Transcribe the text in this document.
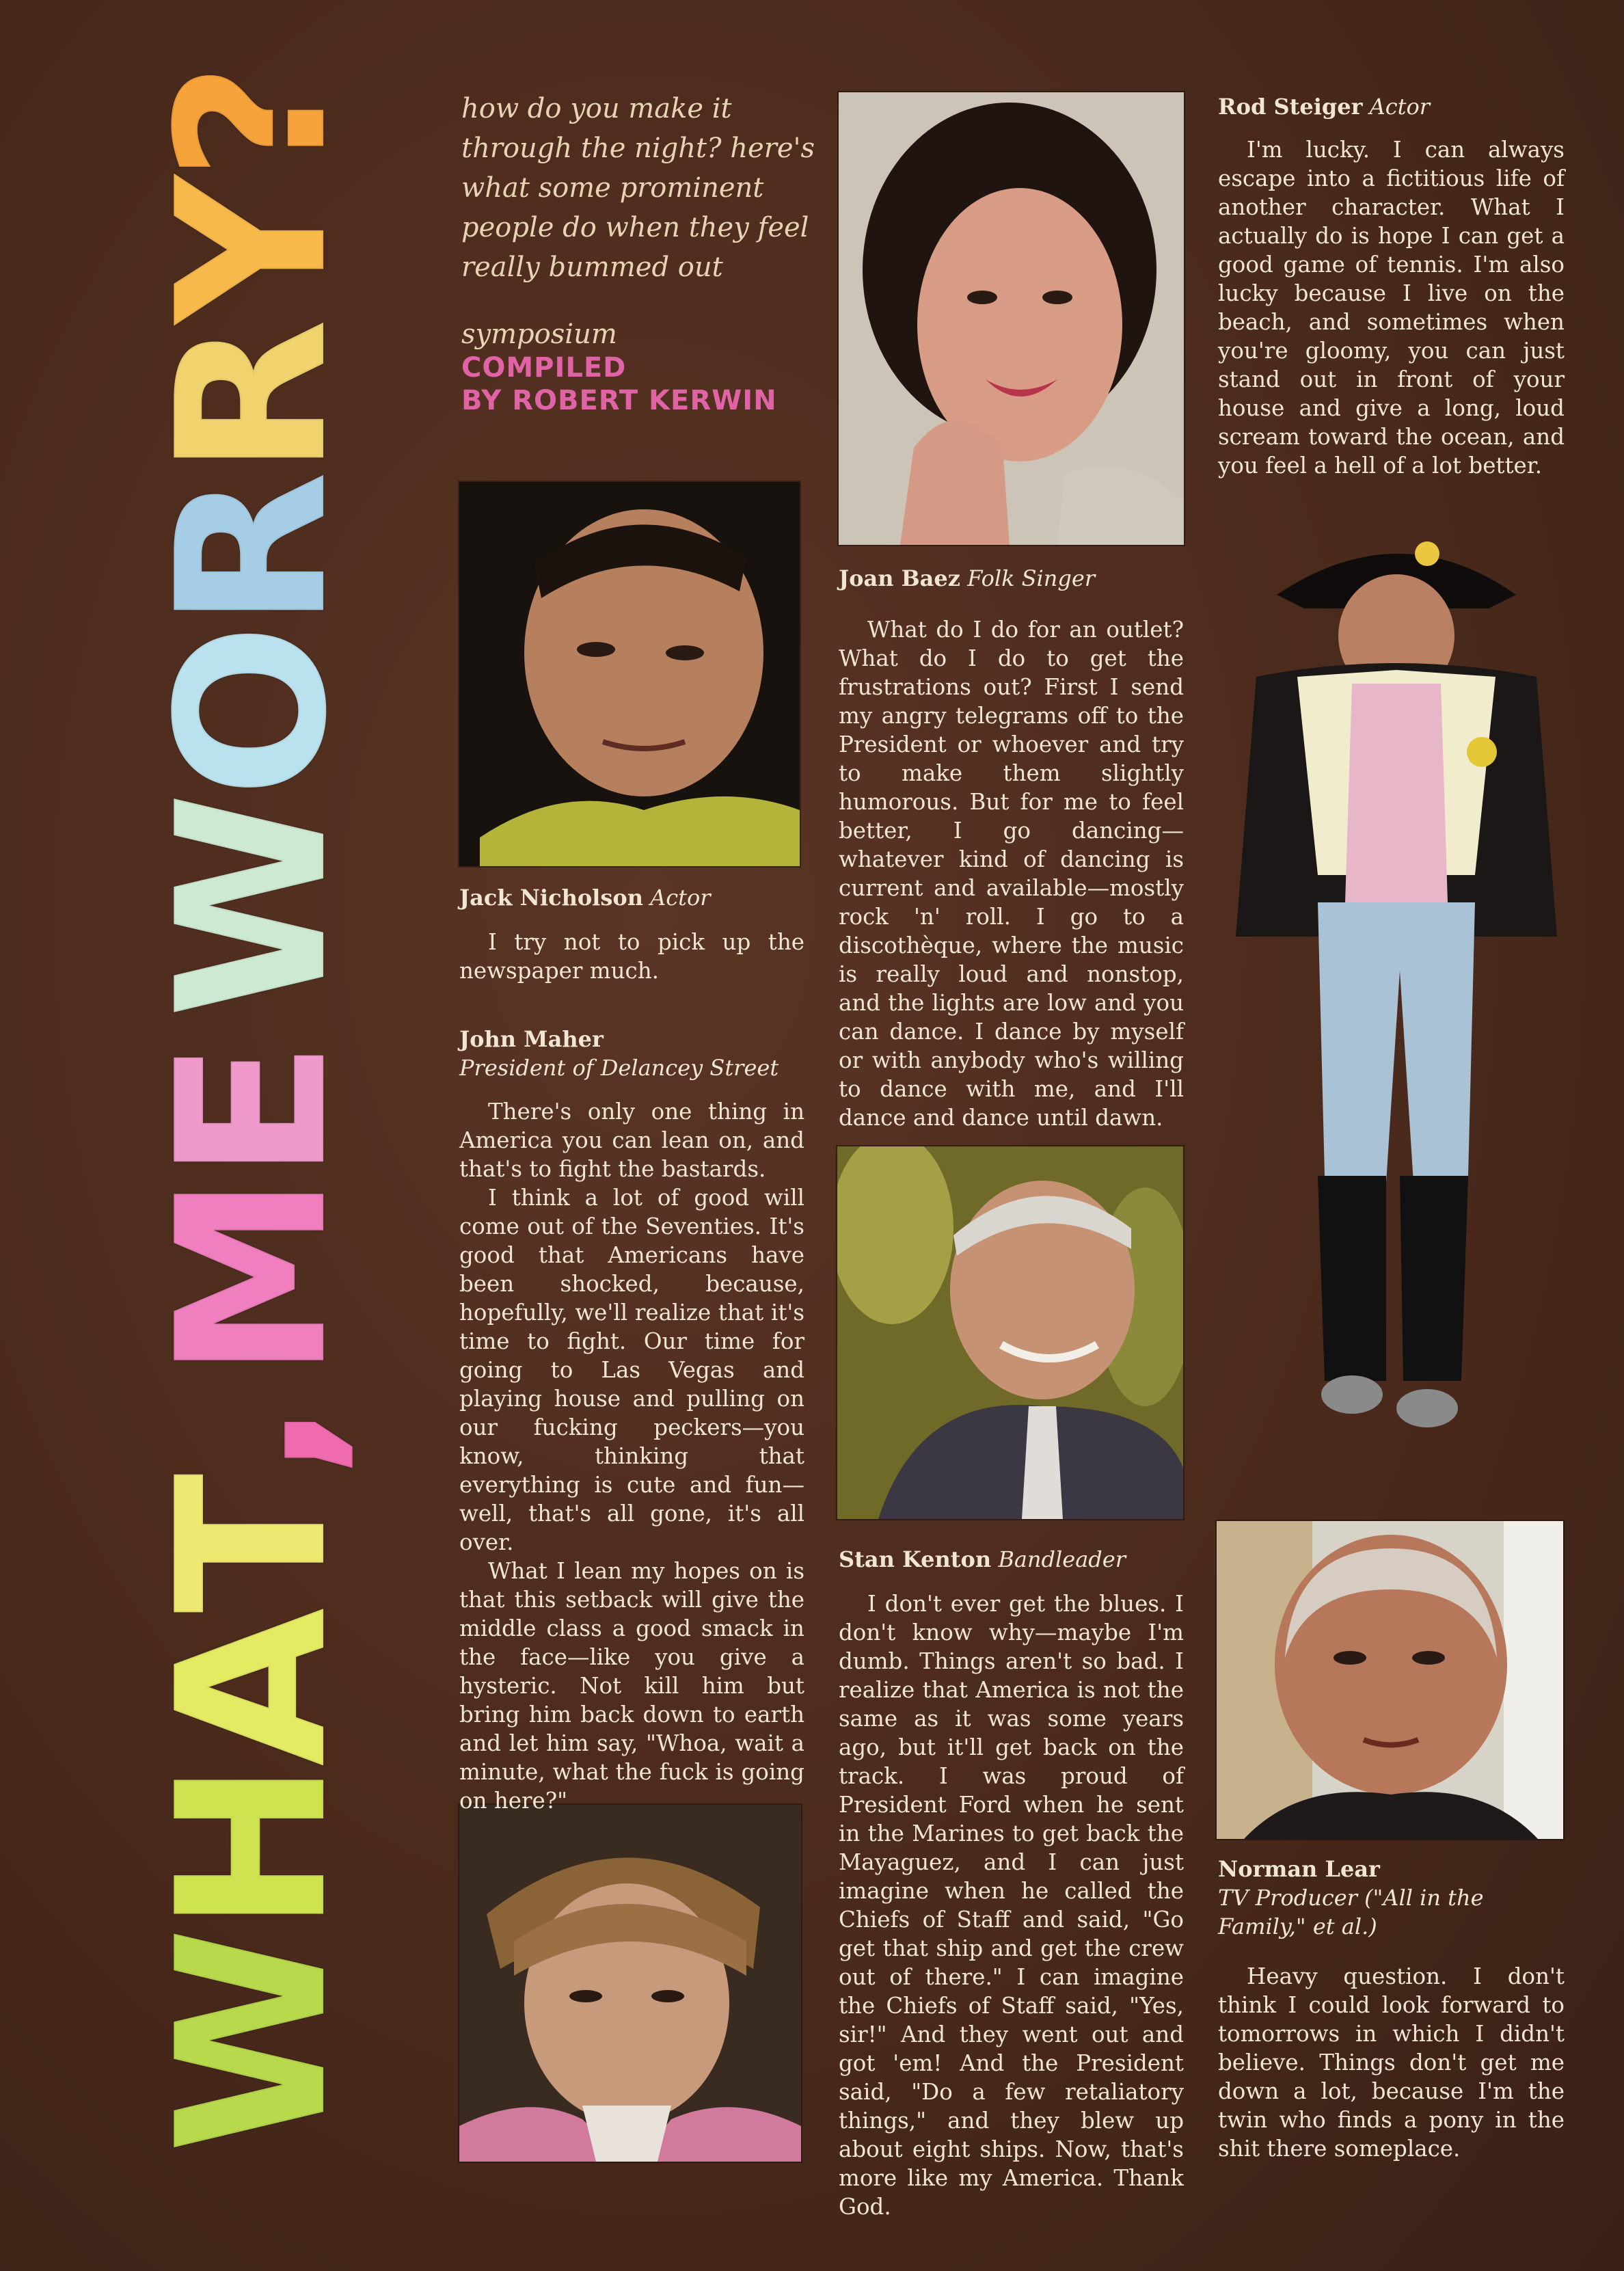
WHAT, ME WORRY?	how do you make it through the night? here's what some prominent people do when they feel really bummed out

symposium
COMPILED
BY ROBERT KERWIN
Jack Nicholson Actor

I try not to pick up the newspaper much.

John Maher
President of Delancey Street

There's only one thing in America you can lean on, and that's to fight the bastards.

I think a lot of good will come out of the Seventies. It's good that Americans have been shocked, because, hopefully, we'll realize that it's time to fight. Our time for going to Las Vegas and playing house and pulling on our fucking peckers—you know, thinking that everything is cute and fun—well, that's all gone, it's all over.

What I lean my hopes on is that this setback will give the middle class a good smack in the face—like you give a hysteric. Not kill him but bring him back down to earth and let him say, "Whoa, wait a minute, what the fuck is going on here?"

Joan Baez Folk Singer

What do I do for an outlet? What do I do to get the frustrations out? First I send my angry telegrams off to the President or whoever and try to make them slightly humorous. But for me to feel better, I go dancing—whatever kind of dancing is current and available—mostly rock 'n' roll. I go to a discothèque, where the music is really loud and nonstop, and the lights are low and you can dance. I dance by myself or with anybody who's willing to dance with me, and I'll dance and dance until dawn.

Stan Kenton Bandleader

I don't ever get the blues. I don't know why—maybe I'm dumb. Things aren't so bad. I realize that America is not the same as it was some years ago, but it'll get back on the track. I was proud of President Ford when he sent in the Marines to get back the Mayaguez, and I can just imagine when he called the Chiefs of Staff and said, "Go get that ship and get the crew out of there." I can imagine the Chiefs of Staff said, "Yes, sir!" And they went out and got 'em! And the President said, "Do a few retaliatory things," and they blew up about eight ships. Now, that's more like my America. Thank God.

Rod Steiger Actor

I'm lucky. I can always escape into a fictitious life of another character. What I actually do is hope I can get a good game of tennis. I'm also lucky because I live on the beach, and sometimes when you're gloomy, you can just stand out in front of your house and give a long, loud scream toward the ocean, and you feel a hell of a lot better.

Norman Lear
TV Producer ("All in the
Family," et al.)

Heavy question. I don't think I could look forward to tomorrows in which I didn't believe. Things don't get me down a lot, because I'm the twin who finds a pony in the shit there someplace.
